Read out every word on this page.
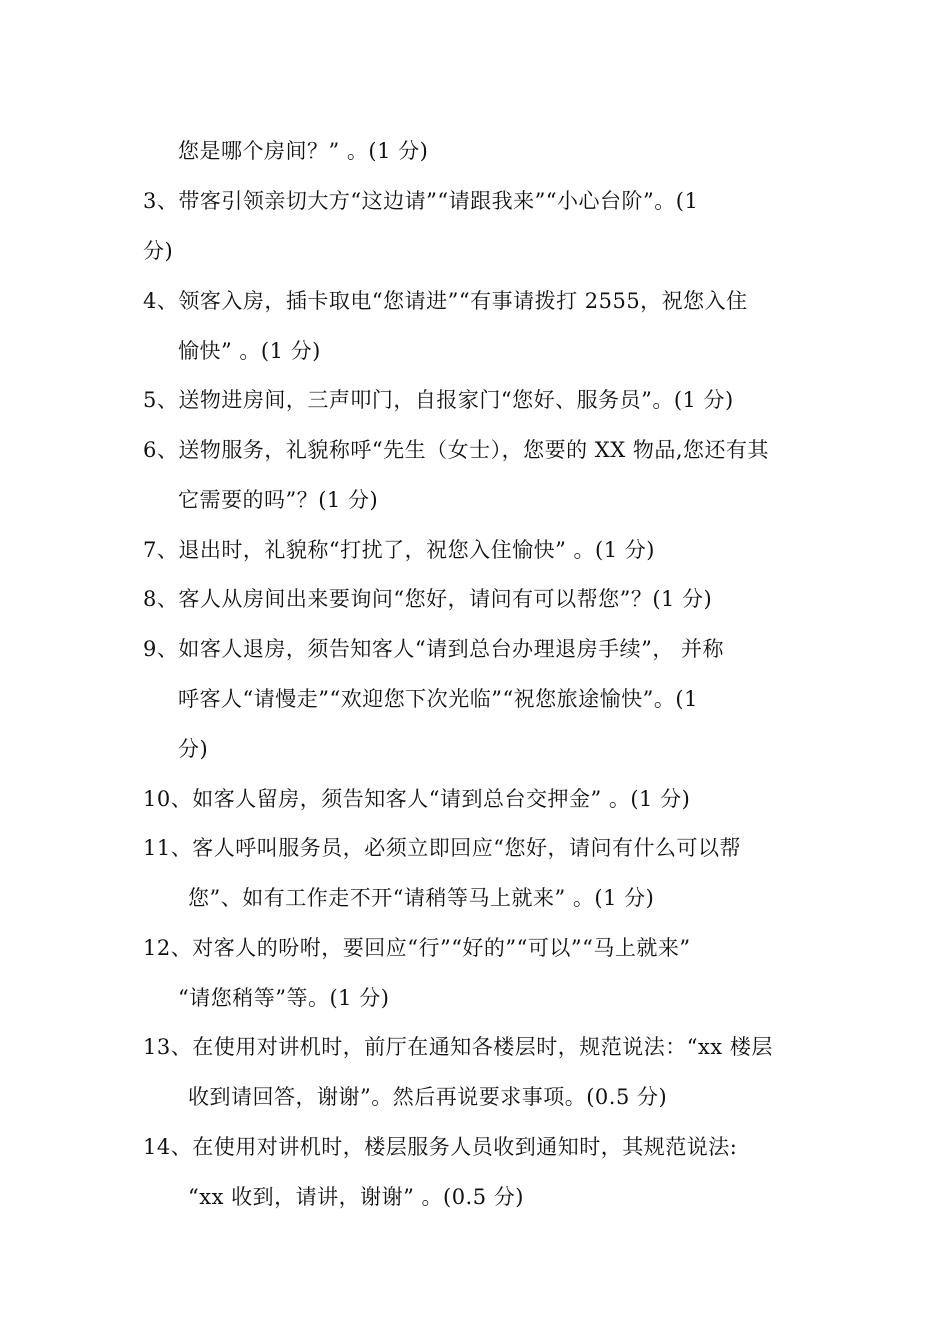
您是哪个房间？” 。(1 分)
3、带客引领亲切大方“这边请”“请跟我来”“小心台阶”。(1
分)
4、领客入房，插卡取电“您请进”“有事请拨打 2555，祝您入住
愉快” 。(1 分)
5、送物进房间，三声叩门，自报家门“您好、服务员”。(1 分)
6、送物服务，礼貌称呼“先生（女士），您要的 XX 物品,您还有其
它需要的吗”？(1 分)
7、退出时，礼貌称“打扰了，祝您入住愉快” 。(1 分)
8、客人从房间出来要询问“您好，请问有可以帮您”？(1 分)
9、如客人退房，须告知客人“请到总台办理退房手续”， 并称
呼客人“请慢走”“欢迎您下次光临”“祝您旅途愉快”。(1
分)
10、如客人留房，须告知客人“请到总台交押金” 。(1 分)
11、客人呼叫服务员，必须立即回应“您好，请问有什么可以帮
您”、如有工作走不开“请稍等马上就来” 。(1 分)
12、对客人的吩咐，要回应“行”“好的”“可以”“马上就来”
“请您稍等”等。(1 分)
13、在使用对讲机时，前厅在通知各楼层时，规范说法：“xx 楼层
收到请回答，谢谢”。然后再说要求事项。(0.5 分)
14、在使用对讲机时，楼层服务人员收到通知时，其规范说法:
“xx 收到，请讲，谢谢” 。(0.5 分)
